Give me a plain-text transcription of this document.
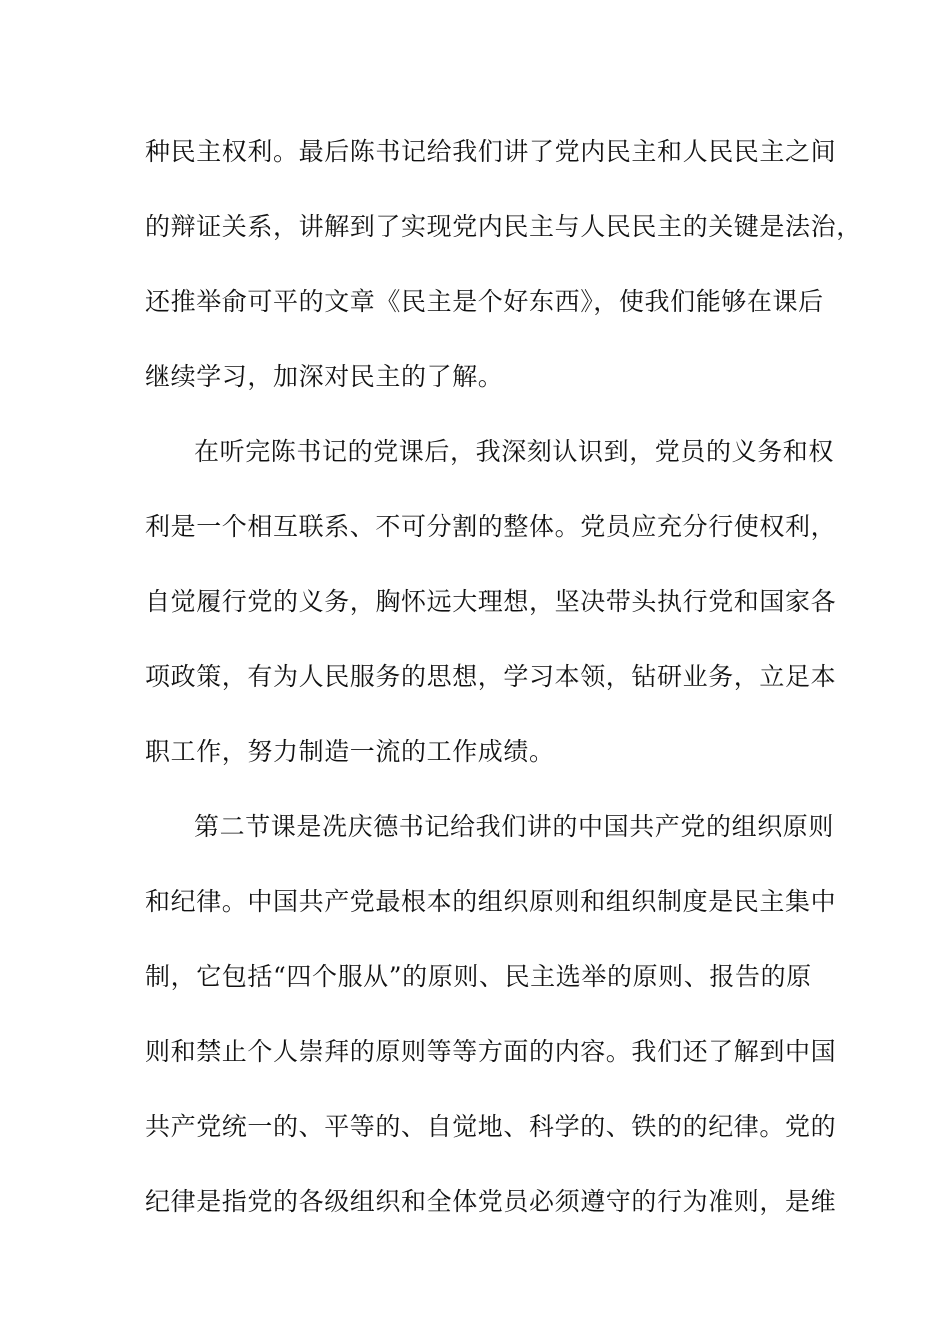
种民主权利。最后陈书记给我们讲了党内民主和人民民主之间
的辩证关系，讲解到了实现党内民主与人民民主的关键是法治，
还推举俞可平的文章《民主是个好东西》，使我们能够在课后
继续学习，加深对民主的了解。
在听完陈书记的党课后，我深刻认识到，党员的义务和权
利是一个相互联系、不可分割的整体。党员应充分行使权利，
自觉履行党的义务，胸怀远大理想，坚决带头执行党和国家各
项政策，有为人民服务的思想，学习本领，钻研业务，立足本
职工作，努力制造一流的工作成绩。
第二节课是冼庆德书记给我们讲的中国共产党的组织原则
和纪律。中国共产党最根本的组织原则和组织制度是民主集中
制，它包括“四个服从”的原则、民主选举的原则、报告的原
则和禁止个人崇拜的原则等等方面的内容。我们还了解到中国
共产党统一的、平等的、自觉地、科学的、铁的的纪律。党的
纪律是指党的各级组织和全体党员必须遵守的行为准则，是维
